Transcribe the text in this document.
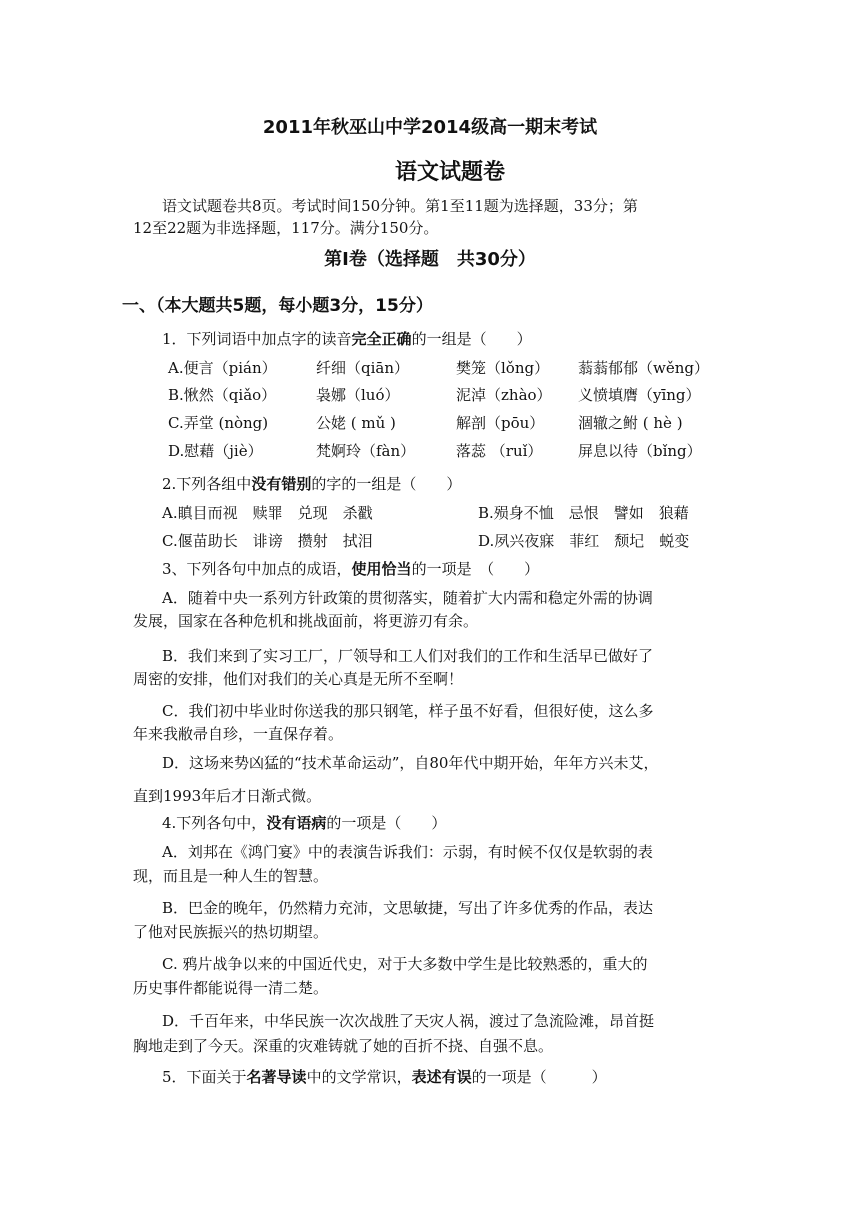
2011年秋巫山中学2014级高一期末考试
语文试题卷
语文试题卷共8页。考试时间150分钟。第1至11题为选择题，33分；第
12至22题为非选择题，117分。满分150分。
第Ⅰ卷（选择题　共30分）
一、（本大题共5题，每小题3分，15分）
1．下列词语中加点字的读音完全正确的一组是（　　）
A.便言（pián）	纤细（qiān）	樊笼（lǒng） 蓊蓊郁郁（wěng）
B.愀然（qiǎo）	袅娜（luó）	泥淖（zhào） 义愤填膺（yīng）
C.弄堂 (nòng)	公姥 ( mǔ )	解剖（pōu） 涸辙之鲋 ( hè )
D.慰藉（jiè）	梵婀玲（fàn）	落蕊 （ruǐ） 屏息以待（bǐng）
2.下列各组中没有错别的字的一组是（　　）
A.瞋目而视　赎罪　兑现　杀戳	B.殒身不恤　忌恨　譬如　狼藉
C.偃苗助长　诽谤　攒射　拭泪	D.夙兴夜寐　菲红　颓圮　蜕变
3、下列各句中加点的成语，使用恰当的一项是　（　　）
A．随着中央一系列方针政策的贯彻落实，随着扩大内需和稳定外需的协调
发展，国家在各种危机和挑战面前，将更游刃有余。
B．我们来到了实习工厂，厂领导和工人们对我们的工作和生活早已做好了
周密的安排，他们对我们的关心真是无所不至啊！
C．我们初中毕业时你送我的那只钢笔，样子虽不好看，但很好使，这么多
年来我敝帚自珍，一直保存着。
D．这场来势凶猛的“技术革命运动”，自80年代中期开始，年年方兴未艾，
直到1993年后才日渐式微。
4.下列各句中，没有语病的一项是（　　）
A．刘邦在《鸿门宴》中的表演告诉我们：示弱，有时候不仅仅是软弱的表
现，而且是一种人生的智慧。
B．巴金的晚年，仍然精力充沛，文思敏捷，写出了许多优秀的作品，表达
了他对民族振兴的热切期望。
C. 鸦片战争以来的中国近代史，对于大多数中学生是比较熟悉的，重大的
历史事件都能说得一清二楚。
D．千百年来，中华民族一次次战胜了天灾人祸，渡过了急流险滩，昂首挺
胸地走到了今天。深重的灾难铸就了她的百折不挠、自强不息。
5．下面关于名著导读中的文学常识，表述有误的一项是（　　　）
